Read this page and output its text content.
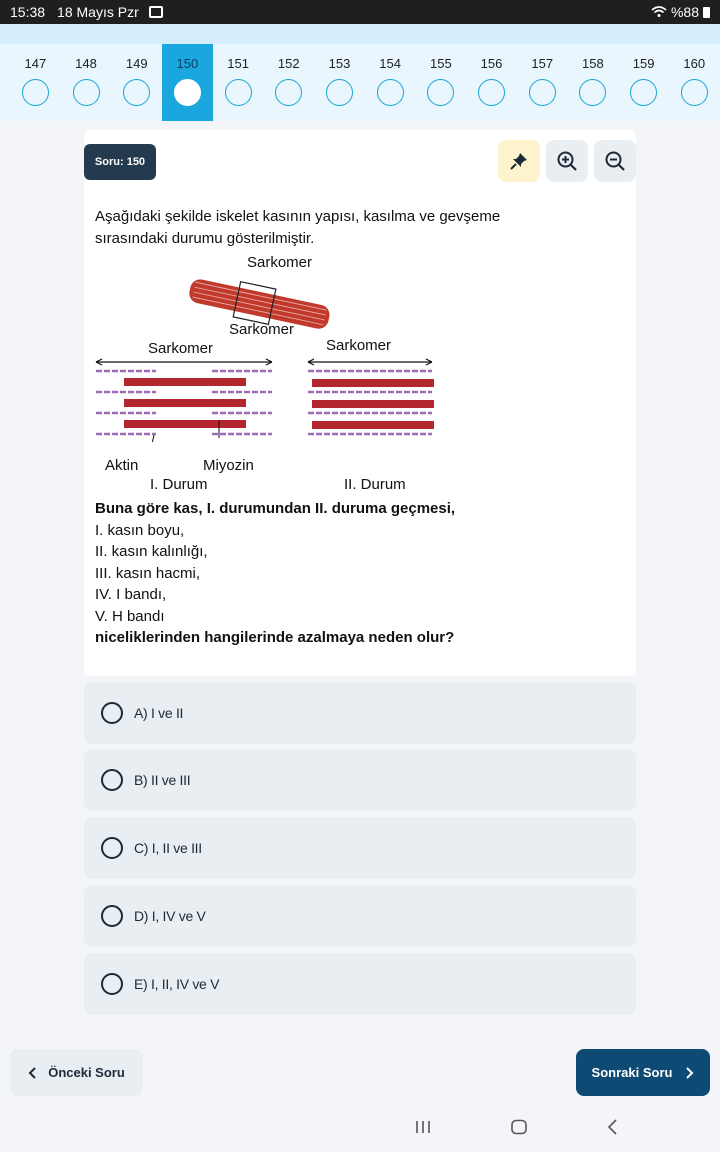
15:38 18 Mayıs Pzr	%88
147 148 149 150 151 152 153 154 155 156 157 158 159 160
Soru: 150
Aşağıdaki şekilde iskelet kasının yapısı, kasılma ve gevşeme
sırasındaki durumu gösterilmiştir.
Sarkomer
Sarkomer
Sarkomer	Sarkomer
Aktin	Miyozin
I. Durum	II. Durum
Buna göre kas, I. durumundan II. duruma geçmesi,
I. kasın boyu,
II. kasın kalınlığı,
III. kasın hacmi,
IV. I bandı,
V. H bandı
niceliklerinden hangilerinde azalmaya neden olur?
A) I ve II
B) II ve III
C) I, II ve III
D) I, IV ve V
E) I, II, IV ve V
Önceki Soru	Sonraki Soru
